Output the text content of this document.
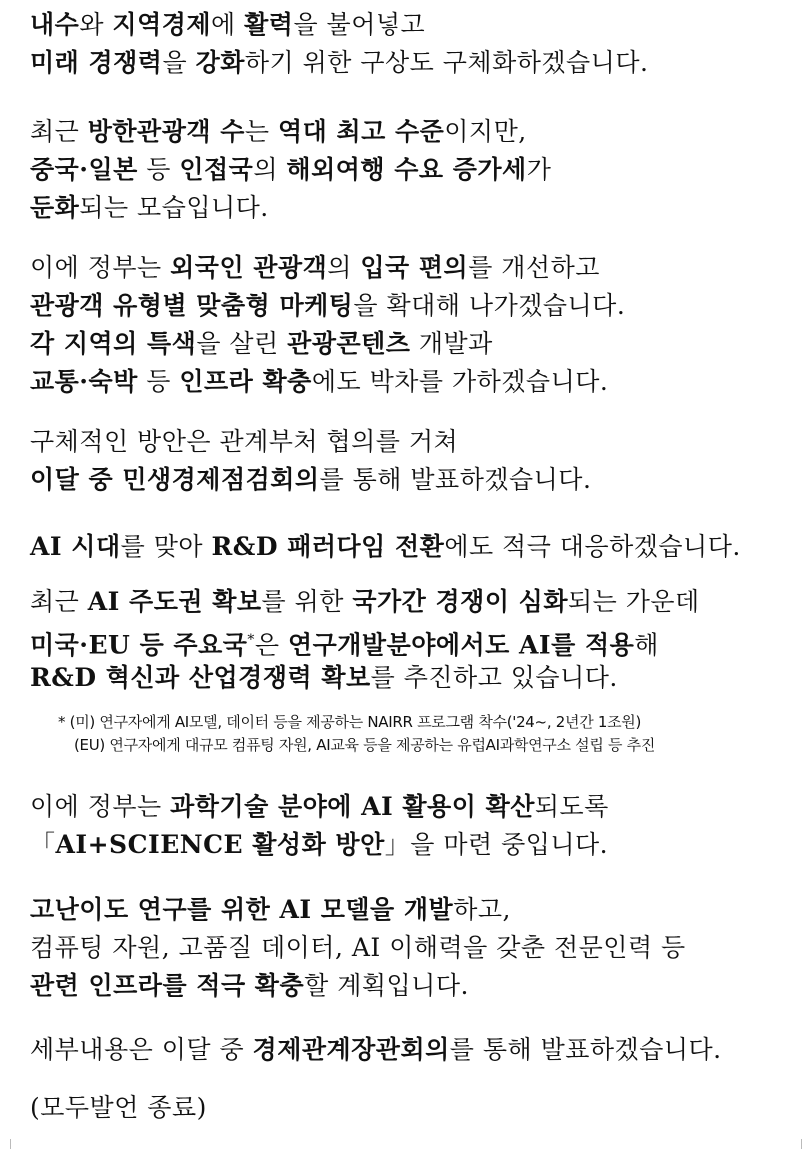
내수와 지역경제에 활력을 불어넣고
미래 경쟁력을 강화하기 위한 구상도 구체화하겠습니다.
최근 방한관광객 수는 역대 최고 수준이지만,
중국·일본 등 인접국의 해외여행 수요 증가세가
둔화되는 모습입니다.
이에 정부는 외국인 관광객의 입국 편의를 개선하고
관광객 유형별 맞춤형 마케팅을 확대해 나가겠습니다.
각 지역의 특색을 살린 관광콘텐츠 개발과
교통·숙박 등 인프라 확충에도 박차를 가하겠습니다.
구체적인 방안은 관계부처 협의를 거쳐
이달 중 민생경제점검회의를 통해 발표하겠습니다.
AI 시대를 맞아 R&D 패러다임 전환에도 적극 대응하겠습니다.
최근 AI 주도권 확보를 위한 국가간 경쟁이 심화되는 가운데
미국·EU 등 주요국*은 연구개발분야에서도 AI를 적용해
R&D 혁신과 산업경쟁력 확보를 추진하고 있습니다.
* (미) 연구자에게 AI모델, 데이터 등을 제공하는 NAIRR 프로그램 착수('24~, 2년간 1조원)
(EU) 연구자에게 대규모 컴퓨팅 자원, AI교육 등을 제공하는 유럽AI과학연구소 설립 등 추진
이에 정부는 과학기술 분야에 AI 활용이 확산되도록
「AI+SCIENCE 활성화 방안」을 마련 중입니다.
고난이도 연구를 위한 AI 모델을 개발하고,
컴퓨팅 자원, 고품질 데이터, AI 이해력을 갖춘 전문인력 등
관련 인프라를 적극 확충할 계획입니다.
세부내용은 이달 중 경제관계장관회의를 통해 발표하겠습니다.
(모두발언 종료)
